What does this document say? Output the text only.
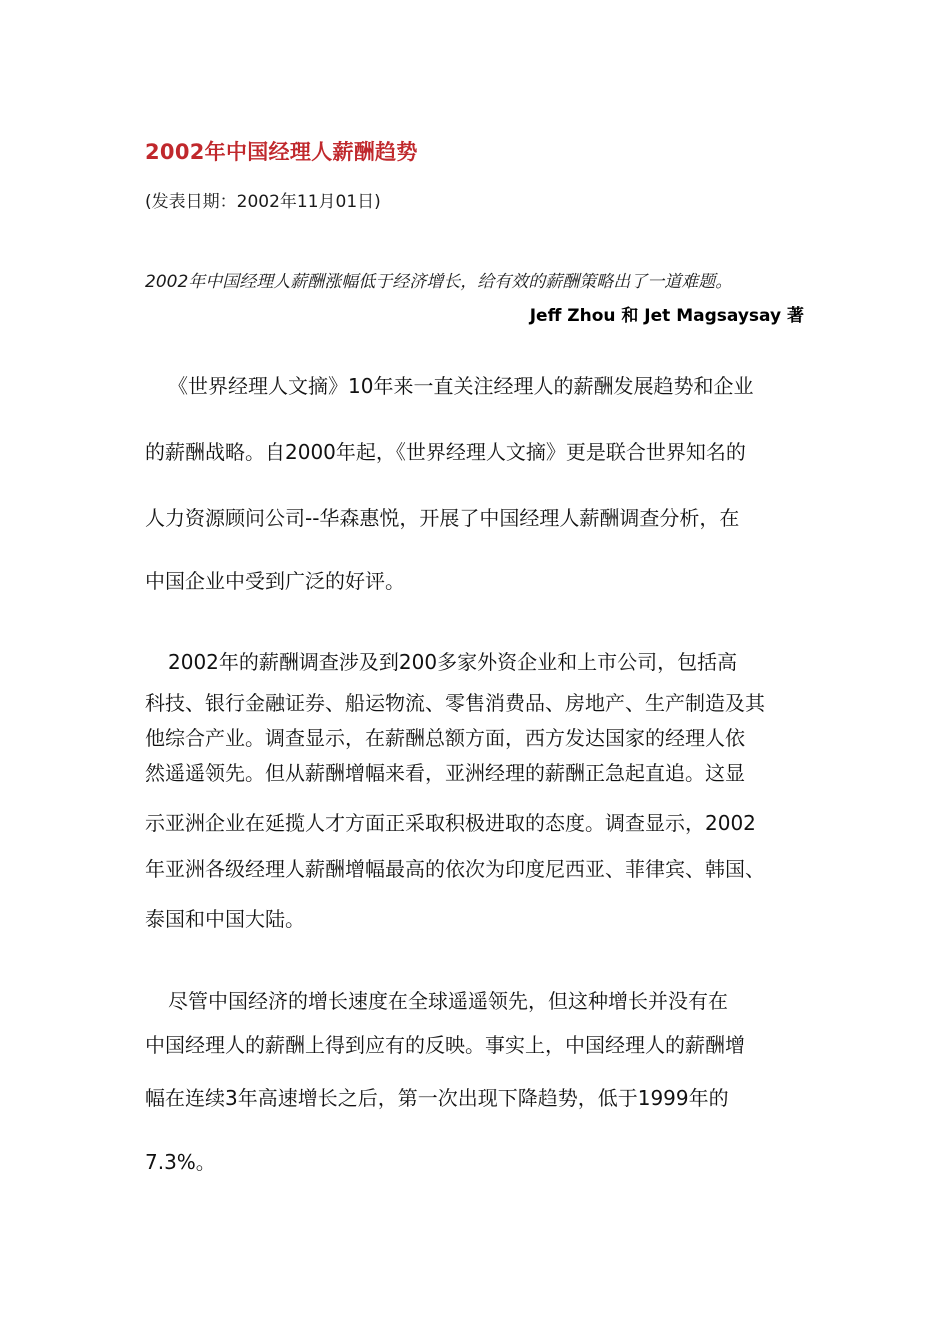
2002年中国经理人薪酬趋势

(发表日期：2002年11月01日)

2002年中国经理人薪酬涨幅低于经济增长，给有效的薪酬策略出了一道难题。

Jeff Zhou 和 Jet Magsaysay 著

《世界经理人文摘》10年来一直关注经理人的薪酬发展趋势和企业

的薪酬战略。自2000年起，《世界经理人文摘》更是联合世界知名的

人力资源顾问公司--华森惠悦，开展了中国经理人薪酬调查分析，在

中国企业中受到广泛的好评。

2002年的薪酬调查涉及到200多家外资企业和上市公司，包括高

科技、银行金融证券、船运物流、零售消费品、房地产、生产制造及其

他综合产业。调查显示，在薪酬总额方面，西方发达国家的经理人依

然遥遥领先。但从薪酬增幅来看，亚洲经理的薪酬正急起直追。这显

示亚洲企业在延揽人才方面正采取积极进取的态度。调查显示，2002

年亚洲各级经理人薪酬增幅最高的依次为印度尼西亚、菲律宾、韩国、

泰国和中国大陆。

尽管中国经济的增长速度在全球遥遥领先，但这种增长并没有在

中国经理人的薪酬上得到应有的反映。事实上，中国经理人的薪酬增

幅在连续3年高速增长之后，第一次出现下降趋势，低于1999年的

7.3%。
